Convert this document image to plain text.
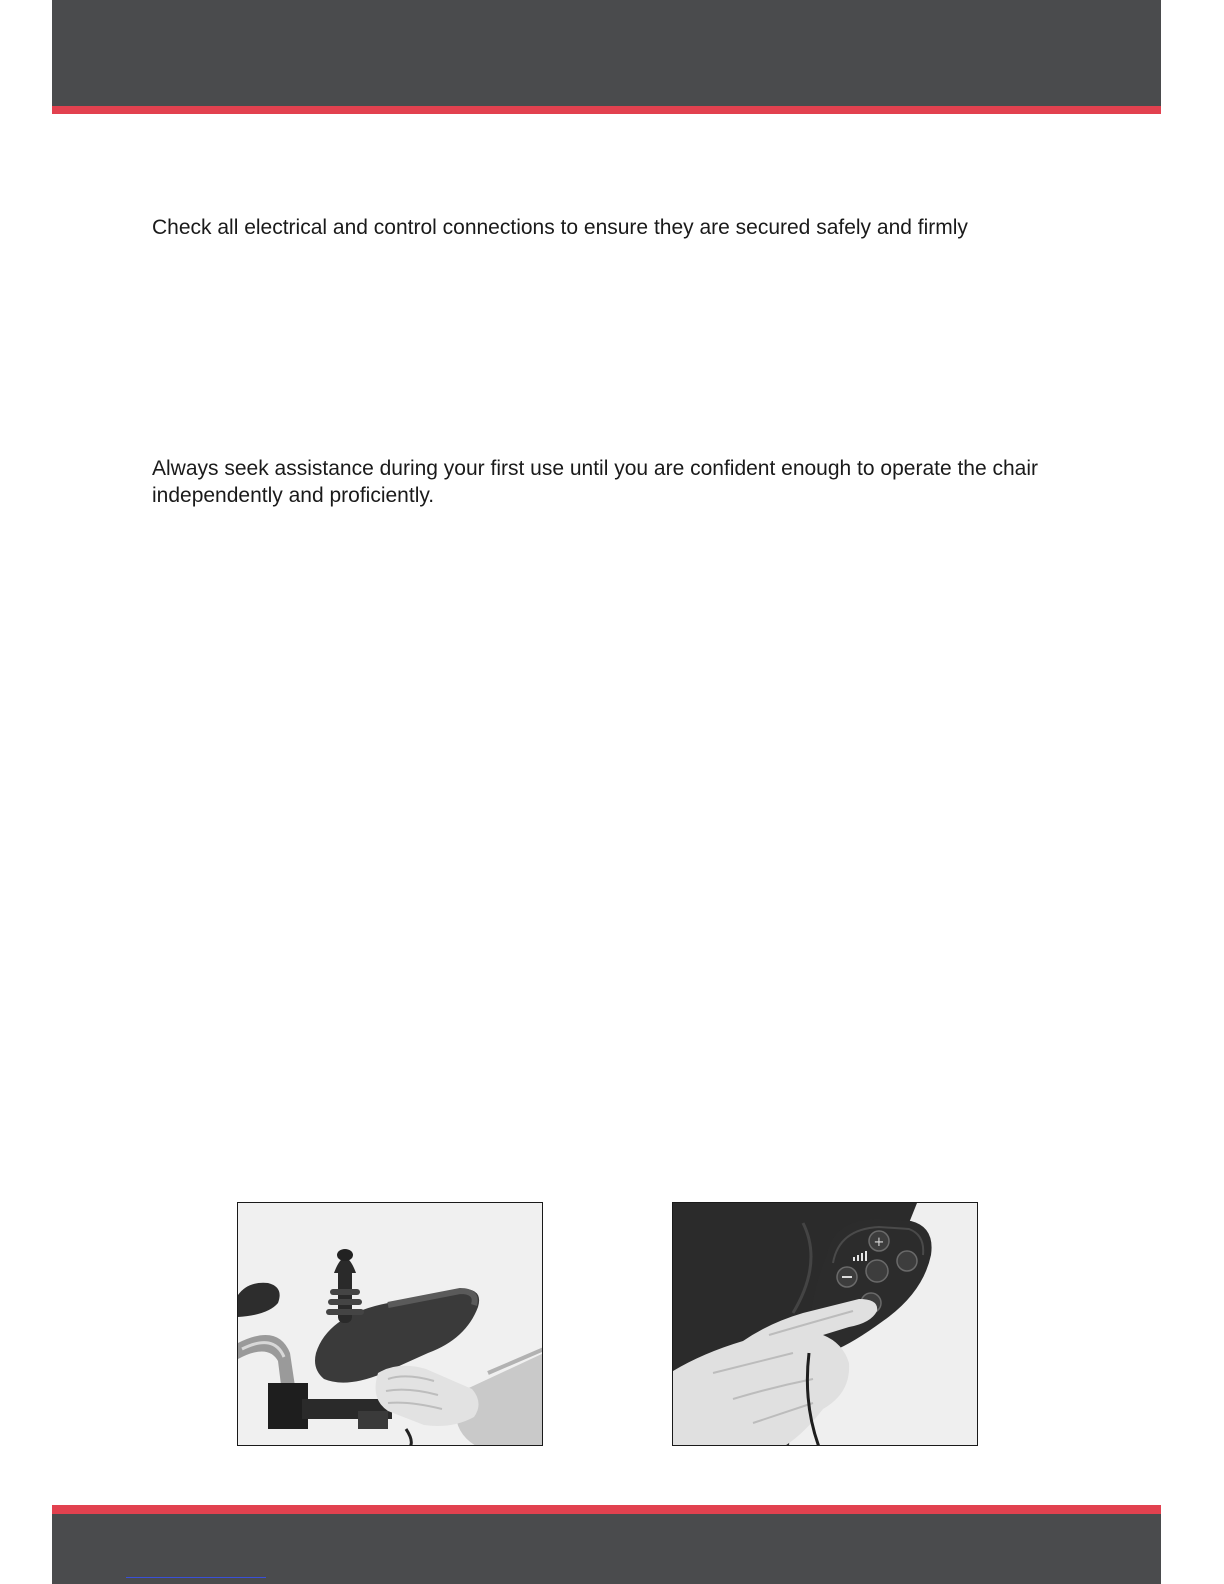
Check all electrical and control connections to ensure they are secured safely and firmly

Always seek assistance during your first use until you are confident enough to operate the chair independently and proficiently.

+
